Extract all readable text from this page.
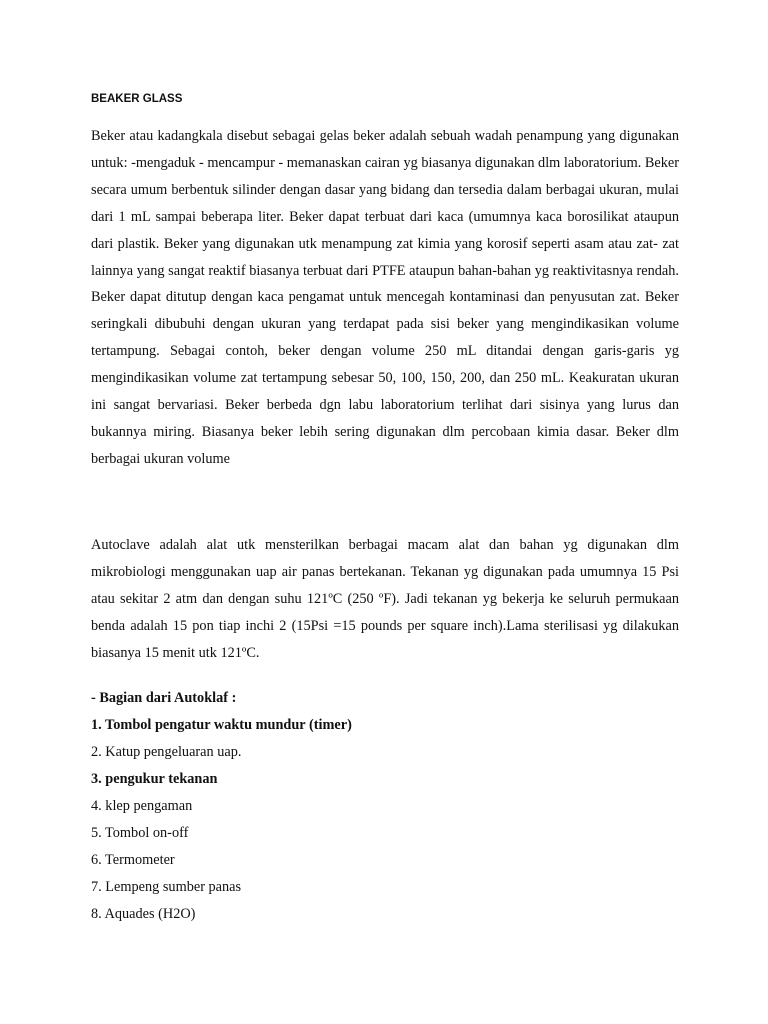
BEAKER GLASS

Beker atau kadangkala disebut sebagai gelas beker adalah sebuah wadah penampung yang digunakan untuk: -mengaduk - mencampur - memanaskan cairan yg biasanya digunakan dlm laboratorium. Beker secara umum berbentuk silinder dengan dasar yang bidang dan tersedia dalam berbagai ukuran, mulai dari 1 mL sampai beberapa liter. Beker dapat terbuat dari kaca (umumnya kaca borosilikat ataupun dari plastik. Beker yang digunakan utk menampung zat kimia yang korosif seperti asam atau zat- zat lainnya yang sangat reaktif biasanya terbuat dari PTFE ataupun bahan-bahan yg reaktivitasnya rendah. Beker dapat ditutup dengan kaca pengamat untuk mencegah kontaminasi dan penyusutan zat. Beker seringkali dibubuhi dengan ukuran yang terdapat pada sisi beker yang mengindikasikan volume tertampung. Sebagai contoh, beker dengan volume 250 mL ditandai dengan garis-garis yg mengindikasikan volume zat tertampung sebesar 50, 100, 150, 200, dan 250 mL. Keakuratan ukuran ini sangat bervariasi. Beker berbeda dgn labu laboratorium terlihat dari sisinya yang lurus dan bukannya miring. Biasanya beker lebih sering digunakan dlm percobaan kimia dasar. Beker dlm berbagai ukuran volume

Autoclave adalah alat utk mensterilkan berbagai macam alat dan bahan yg digunakan dlm mikrobiologi menggunakan uap air panas bertekanan. Tekanan yg digunakan pada umumnya 15 Psi atau sekitar 2 atm dan dengan suhu 121ºC (250 ºF). Jadi tekanan yg bekerja ke seluruh permukaan benda adalah 15 pon tiap inchi 2 (15Psi =15 pounds per square inch).Lama sterilisasi yg dilakukan biasanya 15 menit utk 121ºC.

- Bagian dari Autoklaf :
1. Tombol pengatur waktu mundur (timer)
2. Katup pengeluaran uap.
3. pengukur tekanan
4. klep pengaman
5. Tombol on-off
6. Termometer
7. Lempeng sumber panas
8. Aquades (H2O)
